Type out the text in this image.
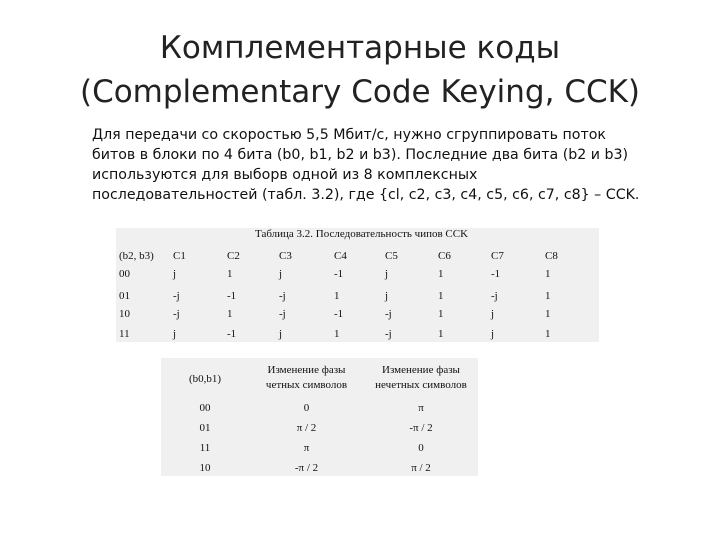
Комплементарные коды
(Complementary Code Keying, CCK)
Для передачи со скоростью 5,5 Мбит/с, нужно сгруппировать поток
битов в блоки по 4 бита (b0, b1, b2 и b3). Последние два бита (b2 и b3)
используются для выборв одной из 8 комплексных
последовательностей (табл. 3.2), где {cl, c2, c3, c4, c5, c6, c7, c8} – CCK.
(b2, b3) C1	C2	C3	C4	C5	C6	C7	C8
00	j	1	j	-1	j	1	-1	1
01	-j	-1	-j	1	j	1	-j	1
10	-j	1	-j	-1	-j	1	j	1
11	j	-1	j	1	-j	1	j	1
Таблица 3.2. Последовательность чипов CCK
(b0,b1)
Изменение фазы
четных символов
Изменение фазы
нечетных символов
00	0	π
01	π / 2	-π / 2
11	π	0
10	-π / 2	π / 2
